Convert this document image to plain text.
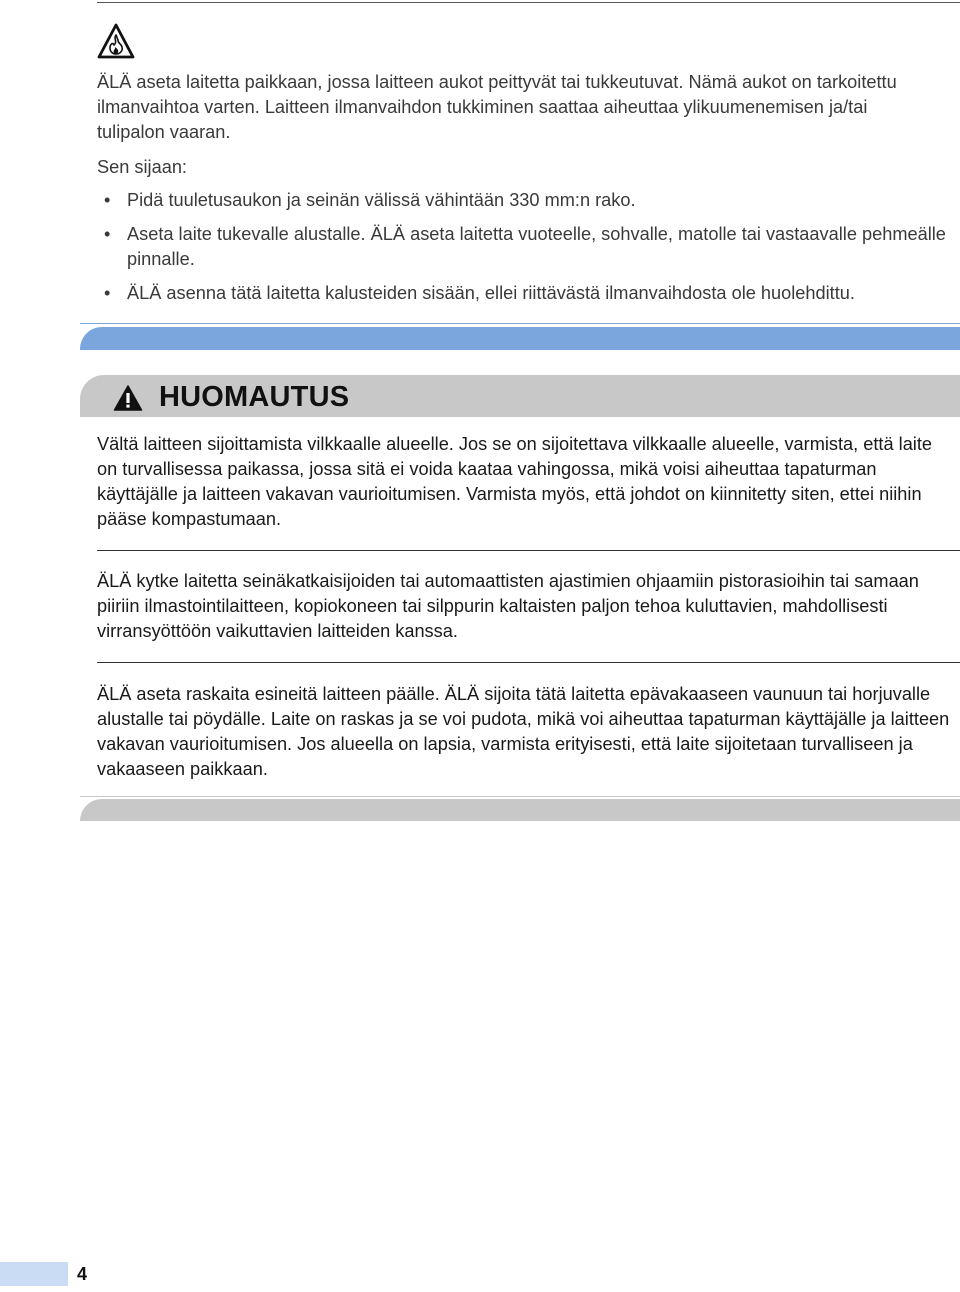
ÄLÄ aseta laitetta paikkaan, jossa laitteen aukot peittyvät tai tukkeutuvat. Nämä aukot on tarkoitettu ilmanvaihtoa varten. Laitteen ilmanvaihdon tukkiminen saattaa aiheuttaa ylikuumenemisen ja/tai tulipalon vaaran.

Sen sijaan:

• Pidä tuuletusaukon ja seinän välissä vähintään 330 mm:n rako.
• Aseta laite tukevalle alustalle. ÄLÄ aseta laitetta vuoteelle, sohvalle, matolle tai vastaavalle pehmeälle pinnalle.
• ÄLÄ asenna tätä laitetta kalusteiden sisään, ellei riittävästä ilmanvaihdosta ole huolehdittu.
HUOMAUTUS

Vältä laitteen sijoittamista vilkkaalle alueelle. Jos se on sijoitettava vilkkaalle alueelle, varmista, että laite on turvallisessa paikassa, jossa sitä ei voida kaataa vahingossa, mikä voisi aiheuttaa tapaturman käyttäjälle ja laitteen vakavan vaurioitumisen. Varmista myös, että johdot on kiinnitetty siten, ettei niihin pääse kompastumaan.

ÄLÄ kytke laitetta seinäkatkaisijoiden tai automaattisten ajastimien ohjaamiin pistorasioihin tai samaan piiriin ilmastointilaitteen, kopiokoneen tai silppurin kaltaisten paljon tehoa kuluttavien, mahdollisesti virransyöttöön vaikuttavien laitteiden kanssa.

ÄLÄ aseta raskaita esineitä laitteen päälle. ÄLÄ sijoita tätä laitetta epävakaaseen vaunuun tai horjuvalle alustalle tai pöydälle. Laite on raskas ja se voi pudota, mikä voi aiheuttaa tapaturman käyttäjälle ja laitteen vakavan vaurioitumisen. Jos alueella on lapsia, varmista erityisesti, että laite sijoitetaan turvalliseen ja vakaaseen paikkaan.

4
